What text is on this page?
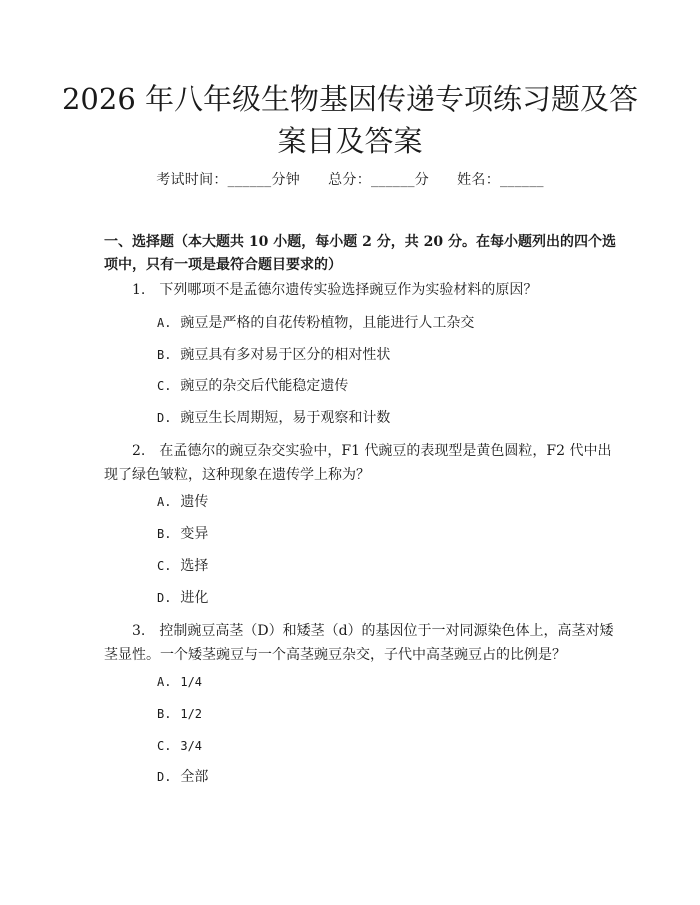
2026 年八年级生物基因传递专项练习题及答
案目及答案
考试时间：______分钟 总分：______分 姓名：______
一、选择题（本大题共 10 小题，每小题 2 分，共 20 分。在每小题列出的四个选项中，只有一项是最符合题目要求的）
1.　下列哪项不是孟德尔遗传实验选择豌豆作为实验材料的原因？
A. 豌豆是严格的自花传粉植物，且能进行人工杂交
B. 豌豆具有多对易于区分的相对性状
C. 豌豆的杂交后代能稳定遗传
D. 豌豆生长周期短，易于观察和计数
2.　在孟德尔的豌豆杂交实验中，F1 代豌豆的表现型是黄色圆粒，F2 代中出现了绿色皱粒，这种现象在遗传学上称为？
A. 遗传
B. 变异
C. 选择
D. 进化
3.　控制豌豆高茎（D）和矮茎（d）的基因位于一对同源染色体上，高茎对矮茎显性。一个矮茎豌豆与一个高茎豌豆杂交，子代中高茎豌豆占的比例是？
A. 1/4
B. 1/2
C. 3/4
D. 全部
